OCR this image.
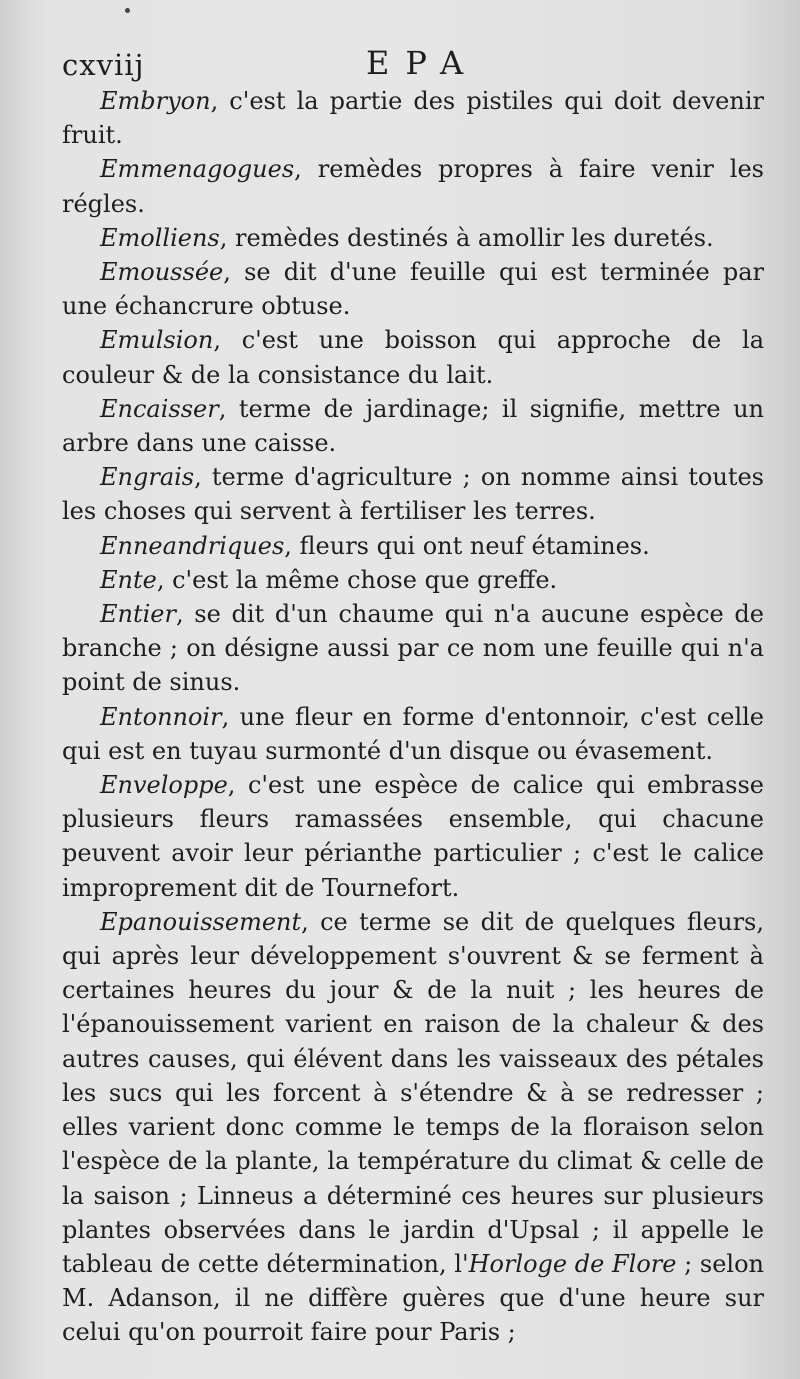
cxviij	EPA

Embryon, c'est la partie des pistiles qui doit devenir fruit.

Emmenagogues, remèdes propres à faire venir les régles.

Emolliens, remèdes destinés à amollir les duretés.

Emoussée, se dit d'une feuille qui est terminée par une échancrure obtuse.

Emulsion, c'est une boisson qui approche de la couleur & de la consistance du lait.

Encaisser, terme de jardinage; il signifie, mettre un arbre dans une caisse.

Engrais, terme d'agriculture ; on nomme ainsi toutes les choses qui servent à fertiliser les terres.

Enneandriques, fleurs qui ont neuf étamines.

Ente, c'est la même chose que greffe.

Entier, se dit d'un chaume qui n'a aucune espèce de branche ; on désigne aussi par ce nom une feuille qui n'a point de sinus.

Entonnoir, une fleur en forme d'entonnoir, c'est celle qui est en tuyau surmonté d'un disque ou évasement.

Enveloppe, c'est une espèce de calice qui embrasse plusieurs fleurs ramassées ensemble, qui chacune peuvent avoir leur périanthe particulier ; c'est le calice improprement dit de Tournefort.

Epanouissement, ce terme se dit de quelques fleurs, qui après leur développement s'ouvrent & se ferment à certaines heures du jour & de la nuit ; les heures de l'épanouissement varient en raison de la chaleur & des autres causes, qui élévent dans les vaisseaux des pétales les sucs qui les forcent à s'étendre & à se redresser ; elles varient donc comme le temps de la floraison selon l'espèce de la plante, la température du climat & celle de la saison ; Linneus a déterminé ces heures sur plusieurs plantes observées dans le jardin d'Upsal ; il appelle le tableau de cette détermination, l'Horloge de Flore ; selon M. Adanson, il ne diffère guères que d'une heure sur celui qu'on pourroit faire pour Paris ;
